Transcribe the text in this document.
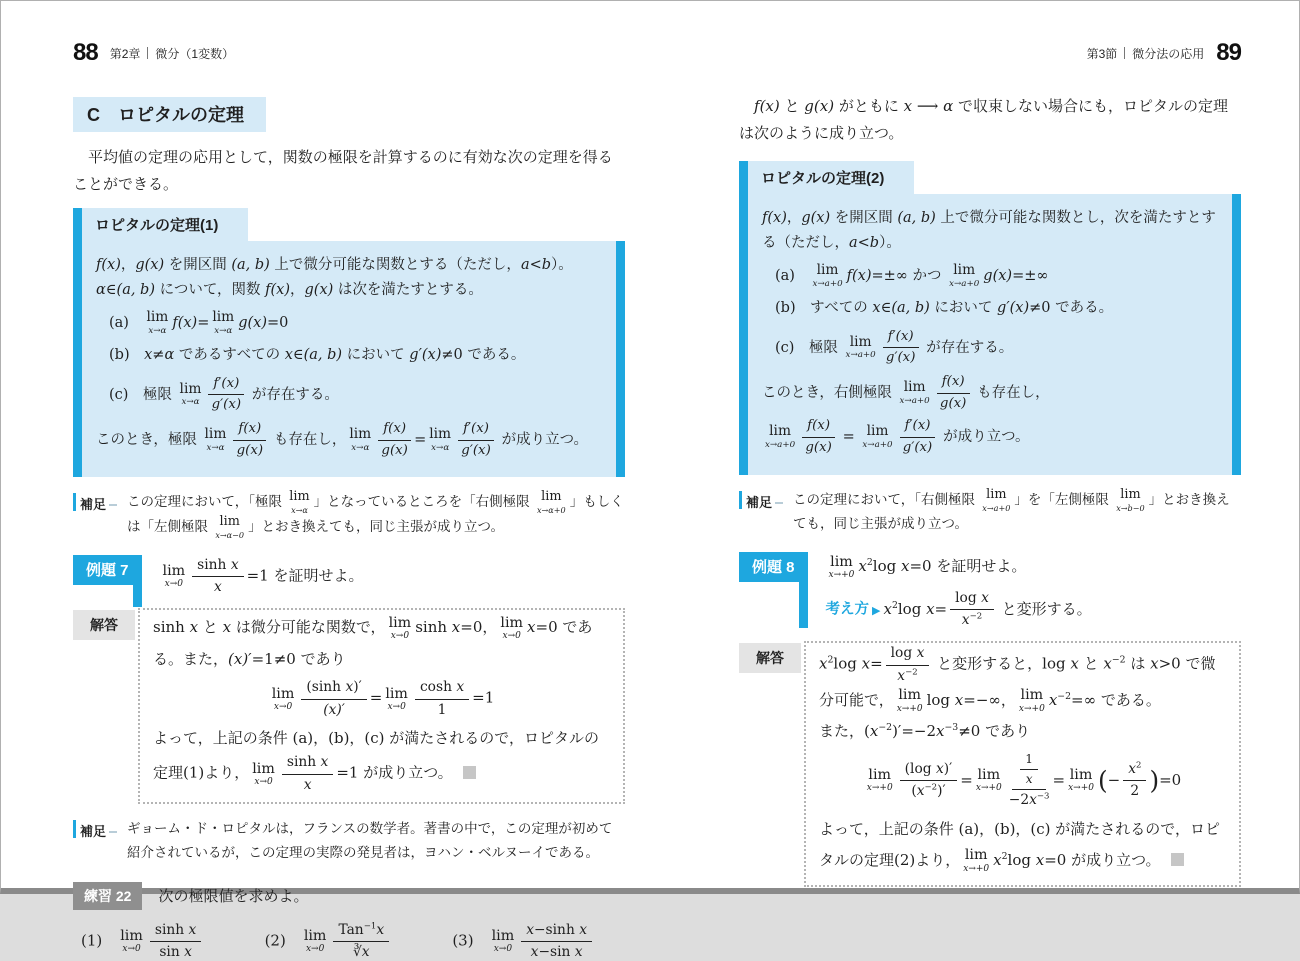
88 第2章 微分（1変数）
C　ロピタルの定理
　平均値の定理の応用として，関数の極限を計算するのに有効な次の定理を得ることができる。
ロピタルの定理(1)
f(x)，g(x) を開区間 (a, b) 上で微分可能な関数とする（ただし，a<b）。α∈(a, b) について，関数 f(x)，g(x) は次を満たすとする。
(a)　 lim
x→α f(x)= lim
x→α g(x)=0
(b)　x≠α であるすべての x∈(a, b) において g′(x)≠0 である。
(c)　極限 lim
$x\to\alpha \frac{f'(x)}{g'(x)}$ が存在する。
このとき，極限 lim
$x\to\alpha \frac{f(x)}{g(x)}$ も存在し， lim
$x\to\alpha \frac{f(x)}{g(x)} = \lim$
$x\to\alpha \frac{f'(x)}{g'(x)}$ が成り立つ。
補足	この定理において，「極限 lim
x→α 」となっているところを「右側極限 lim
x→α+0 」もしくは「左側極限 lim
x→α−0 」とおき換えても，同じ主張が成り立つ。
例題 7	lim
$x\to 0 \frac{\text{sinh x}}{x} =1$ を証明せよ。
解答	sinh x と x は微分可能な関数で， lim
x→0 sinh x=0， lim
x→0 x=0 である。また，(x)′=1≠0 であり
lim
$x\to 0 \frac{\text{(sinh x)′}}{(x)'} = \lim$
$x\to 0 \frac{\text{cosh x}}{1} =1$
よって，上記の条件 (a)，(b)，(c) が満たされるので，ロピタルの定理(1)より， lim
$x\to 0 \frac{\text{sinh x}}{x} =1$ が成り立つ。
補足	ギョーム・ド・ロピタルは，フランスの数学者。著書の中で，この定理が初めて紹介されているが，この定理の実際の発見者は，ヨハン・ベルヌーイである。
練習 22	次の極限値を求めよ。
(1)　 lim
$x\to 0 \frac{\text{sinh x}}{\text{sin x}}$	(2)　 lim
$x\to 0 \frac{Tan^{-1}x}{∛x}$	(3)　 lim
$x\to 0 \frac{\text{x−sinh x}}{\text{x−sin x}}$
第3節 微分法の応用 89
　f(x) と g(x) がともに x ⟶ α で収束しない場合にも，ロピタルの定理は次のように成り立つ。
ロピタルの定理(2)
f(x)，g(x) を開区間 (a, b) 上で微分可能な関数とし，次を満たすとする（ただし，a<b）。
(a)　 lim
x→a+0 f(x)=±∞ かつ lim
x→a+0 g(x)=±∞
(b)　すべての x∈(a, b) において g′(x)≠0 である。
(c)　極限 lim
$x\to a+0 \frac{f'(x)}{g'(x)}$ が存在する。
このとき，右側極限 lim
$x\to a+0 \frac{f(x)}{g(x)}$ も存在し，
lim
$x\to a+0 \frac{f(x)}{g(x)} = \lim$
$x\to a+0 \frac{f'(x)}{g'(x)}$ が成り立つ。
補足	この定理において，「右側極限 lim
x→a+0 」を「左側極限 lim
x→b−0 」とおき換えても，同じ主張が成り立つ。
例題 8	lim
x→+0 $x^2\log$ x=0 を証明せよ。
考え方 ▶ $x^2\log$ $x= \frac{\text{log x}}{x^{-2}}$ と変形する。
解答	$x^2\log$ $x= \frac{\text{log x}}{x^{-2}}$ と変形すると，log x と $x^{-2}$ は x>0 で微分可能で， lim
x→+0 log x=−∞， lim
x→+0 $x^{-2}=\infty$ である。
また，$(x^{-2})'=-2x^{-3}\ne 0$ であり
lim
$x\to+0 \frac{\text{(log x)′}}{(x^{-2})'} = \lim$
$x\to+0 \frac{\frac{1}{x}}{-2x^{-3}} = \lim$
x→+0 (− $\frac{x^2}{2} )=0$
よって，上記の条件 (a)，(b)，(c) が満たされるので，ロピタルの定理(2)より， lim
x→+0 $x^2\log$ x=0 が成り立つ。
